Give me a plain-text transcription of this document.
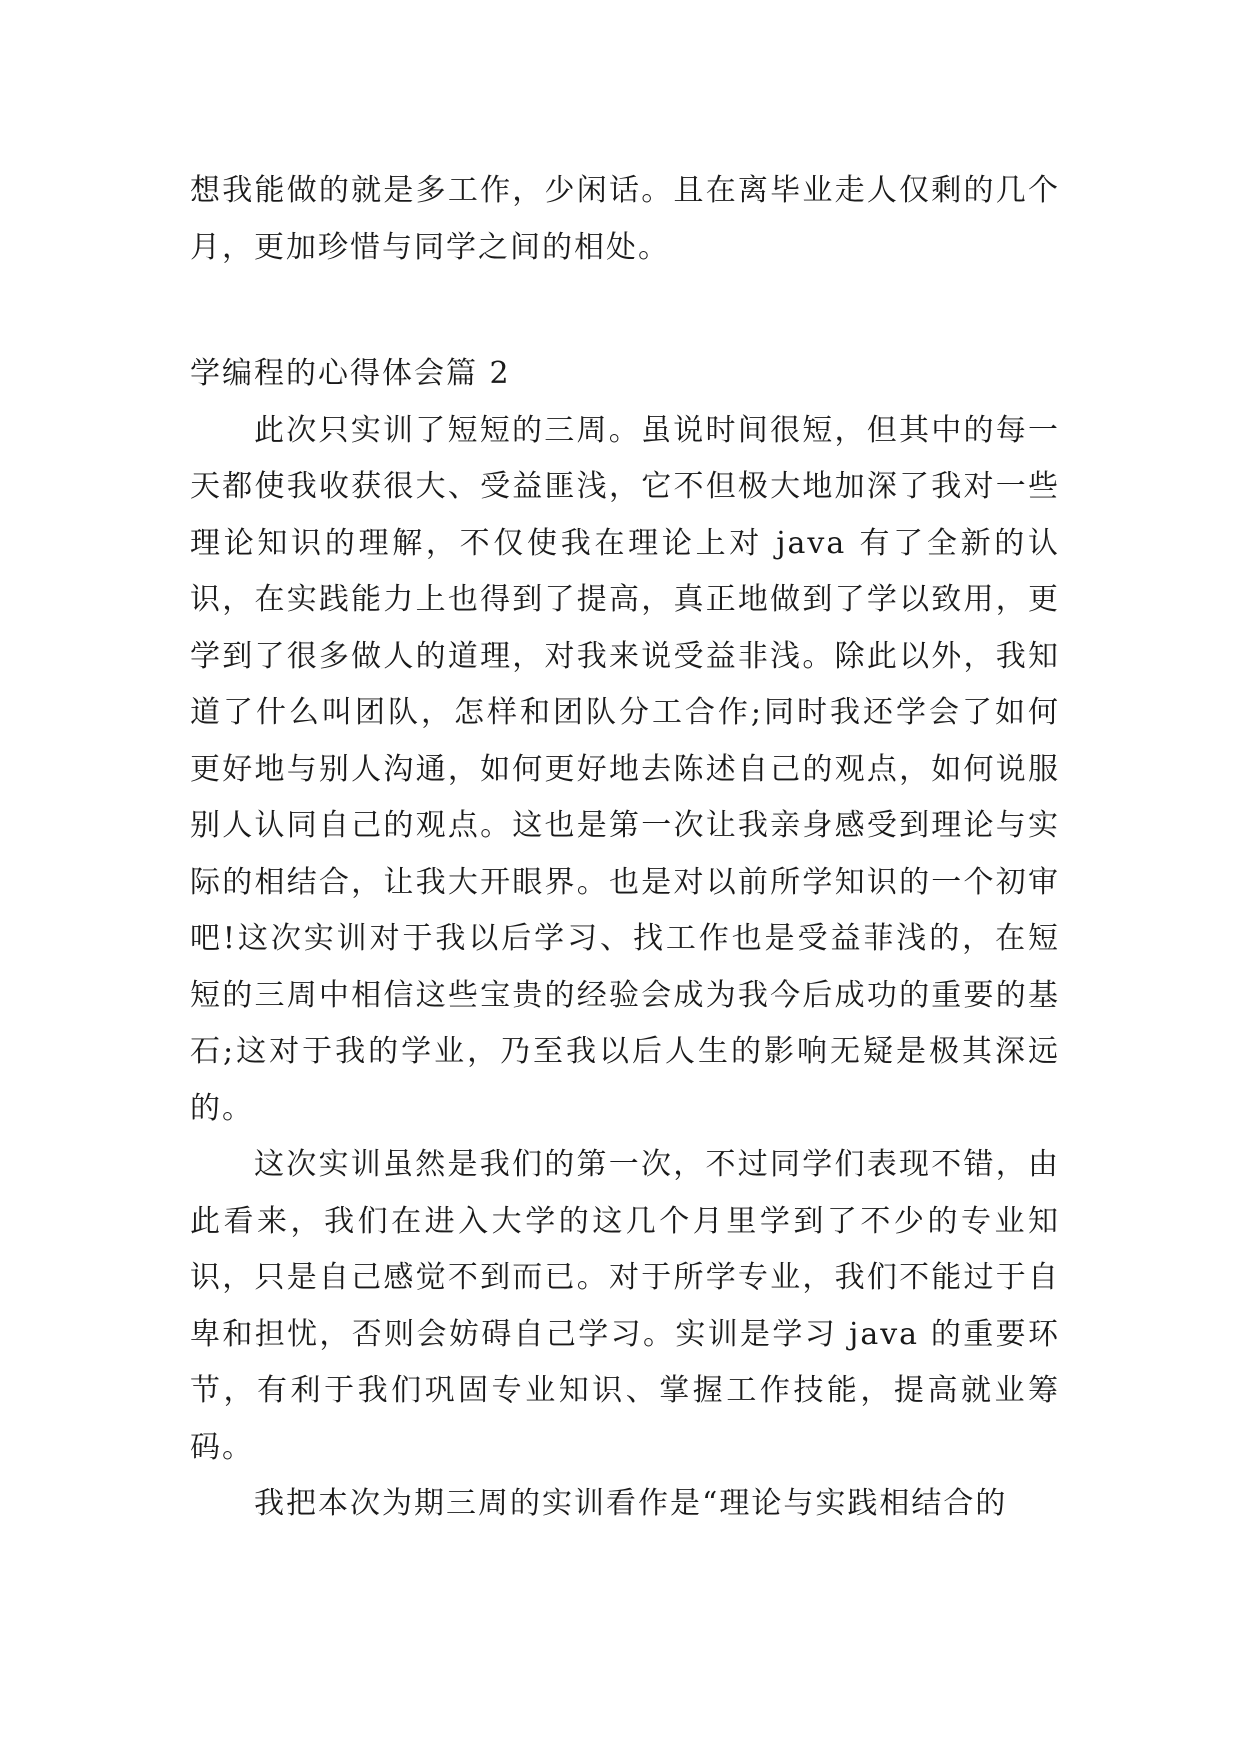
想我能做的就是多工作，少闲话。且在离毕业走人仅剩的几个月，更加珍惜与同学之间的相处。

学编程的心得体会篇 2

此次只实训了短短的三周。虽说时间很短，但其中的每一天都使我收获很大、受益匪浅，它不但极大地加深了我对一些理论知识的理解，不仅使我在理论上对 java 有了全新的认识，在实践能力上也得到了提高，真正地做到了学以致用，更学到了很多做人的道理，对我来说受益非浅。除此以外，我知道了什么叫团队，怎样和团队分工合作;同时我还学会了如何更好地与别人沟通，如何更好地去陈述自己的观点，如何说服别人认同自己的观点。这也是第一次让我亲身感受到理论与实际的相结合，让我大开眼界。也是对以前所学知识的一个初审吧!这次实训对于我以后学习、找工作也是受益菲浅的，在短短的三周中相信这些宝贵的经验会成为我今后成功的重要的基石;这对于我的学业，乃至我以后人生的影响无疑是极其深远的。

这次实训虽然是我们的第一次，不过同学们表现不错，由此看来，我们在进入大学的这几个月里学到了不少的专业知识，只是自己感觉不到而已。对于所学专业，我们不能过于自卑和担忧，否则会妨碍自己学习。实训是学习 java 的重要环节，有利于我们巩固专业知识、掌握工作技能，提高就业筹码。

我把本次为期三周的实训看作是“理论与实践相结合的
